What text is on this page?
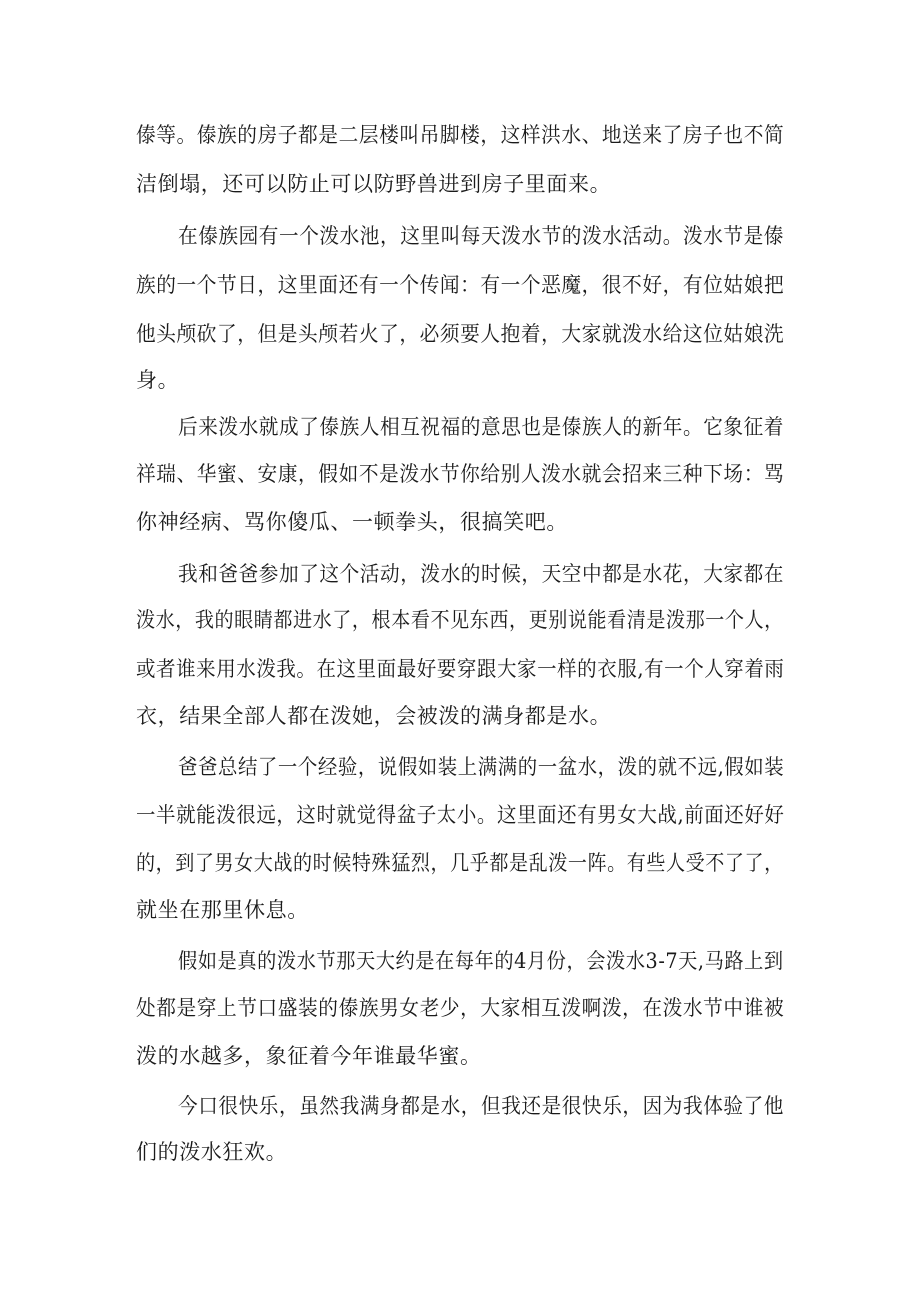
傣等。傣族的房子都是二层楼叫吊脚楼，这样洪水、地送来了房子也不简
洁倒塌，还可以防止可以防野兽进到房子里面来。
在傣族园有一个泼水池，这里叫每天泼水节的泼水活动。泼水节是傣
族的一个节日，这里面还有一个传闻：有一个恶魔，很不好，有位姑娘把
他头颅砍了，但是头颅若火了，必须要人抱着，大家就泼水给这位姑娘洗
身。
后来泼水就成了傣族人相互祝福的意思也是傣族人的新年。它象征着
祥瑞、华蜜、安康，假如不是泼水节你给别人泼水就会招来三种下场：骂
你神经病、骂你傻瓜、一顿拳头，很搞笑吧。
我和爸爸参加了这个活动，泼水的时候，天空中都是水花，大家都在
泼水，我的眼睛都进水了，根本看不见东西，更别说能看清是泼那一个人，
或者谁来用水泼我。在这里面最好要穿跟大家一样的衣服,有一个人穿着雨
衣，结果全部人都在泼她，会被泼的满身都是水。
爸爸总结了一个经验，说假如装上满满的一盆水，泼的就不远,假如装
一半就能泼很远，这时就觉得盆子太小。这里面还有男女大战,前面还好好
的，到了男女大战的时候特殊猛烈，几乎都是乱泼一阵。有些人受不了了，
就坐在那里休息。
假如是真的泼水节那天大约是在每年的4月份，会泼水3-7天,马路上到
处都是穿上节口盛装的傣族男女老少，大家相互泼啊泼，在泼水节中谁被
泼的水越多，象征着今年谁最华蜜。
今口很快乐，虽然我满身都是水，但我还是很快乐，因为我体验了他
们的泼水狂欢。
